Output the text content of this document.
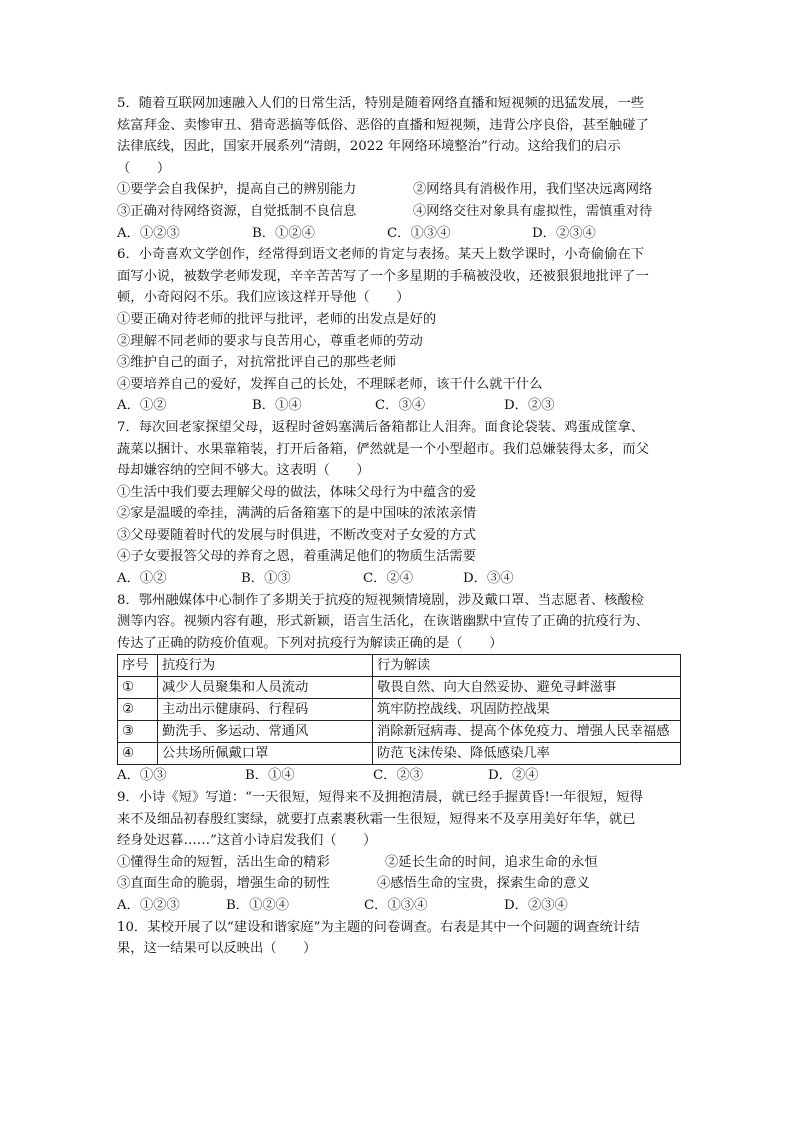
5．随着互联网加速融入人们的日常生活，特别是随着网络直播和短视频的迅猛发展，一些
炫富拜金、卖惨审丑、猎奇恶搞等低俗、恶俗的直播和短视频，违背公序良俗，甚至触碰了
法律底线，因此，国家开展系列“清朗，2022 年网络环境整治”行动。这给我们的启示
（　　）
①要学会自我保护，提高自己的辨别能力	②网络具有消极作用，我们坚决远离网络
③正确对待网络资源，自觉抵制不良信息	④网络交往对象具有虚拟性，需慎重对待
A．①②③	B．①②④	C．①③④	D．②③④
6．小奇喜欢文学创作，经常得到语文老师的肯定与表扬。某天上数学课时，小奇偷偷在下
面写小说，被数学老师发现，辛辛苦苦写了一个多星期的手稿被没收，还被狠狠地批评了一
顿，小奇闷闷不乐。我们应该这样开导他（　　）
①要正确对待老师的批评与批评，老师的出发点是好的
②理解不同老师的要求与良苦用心，尊重老师的劳动
③维护自己的面子，对抗常批评自己的那些老师
④要培养自己的爱好，发挥自己的长处，不理睬老师，该干什么就干什么
A．①②	B．①④	C．③④	D．②③
7．每次回老家探望父母，返程时爸妈塞满后备箱都让人泪奔。面食论袋装、鸡蛋成筐拿、
蔬菜以捆计、水果靠箱装，打开后备箱，俨然就是一个小型超市。我们总嫌装得太多，而父
母却嫌容纳的空间不够大。这表明（　　）
①生活中我们要去理解父母的做法，体味父母行为中蕴含的爱
②家是温暖的牵挂，满满的后备箱塞下的是中国味的浓浓亲情
③父母要随着时代的发展与时俱进，不断改变对子女爱的方式
④子女要报答父母的养育之恩，着重满足他们的物质生活需要
A．①②	B．①③	C．②④	D．③④
8．鄂州融媒体中心制作了多期关于抗疫的短视频情境剧，涉及戴口罩、当志愿者、核酸检
测等内容。视频内容有趣，形式新颖，语言生活化，在诙谐幽默中宣传了正确的抗疫行为、
传达了正确的防疫价值观。下列对抗疫行为解读正确的是（　　）
序号	抗疫行为	行为解读
①	减少人员聚集和人员流动	敬畏自然、向大自然妥协、避免寻衅滋事
②	主动出示健康码、行程码	筑牢防控战线、巩固防控战果
③	勤洗手、多运动、常通风	消除新冠病毒、提高个体免疫力、增强人民幸福感
④	公共场所佩戴口罩	防范飞沫传染、降低感染几率
A．①③	B．①④	C．②③	D．②④
9．小诗《短》写道：“一天很短，短得来不及拥抱清晨，就已经手握黄昏!一年很短，短得
来不及细品初春殷红窦绿，就要打点素裹秋霜一生很短，短得来不及享用美好年华，就已
经身处迟暮……”这首小诗启发我们（　　）
①懂得生命的短暂，活出生命的精彩	②延长生命的时间，追求生命的永恒
③直面生命的脆弱，增强生命的韧性	④感悟生命的宝贵，探索生命的意义
A．①②③	B．①②④	C．①③④	D．②③④
10．某校开展了以“建设和谐家庭”为主题的问卷调查。右表是其中一个问题的调查统计结
果，这一结果可以反映出（　　）
